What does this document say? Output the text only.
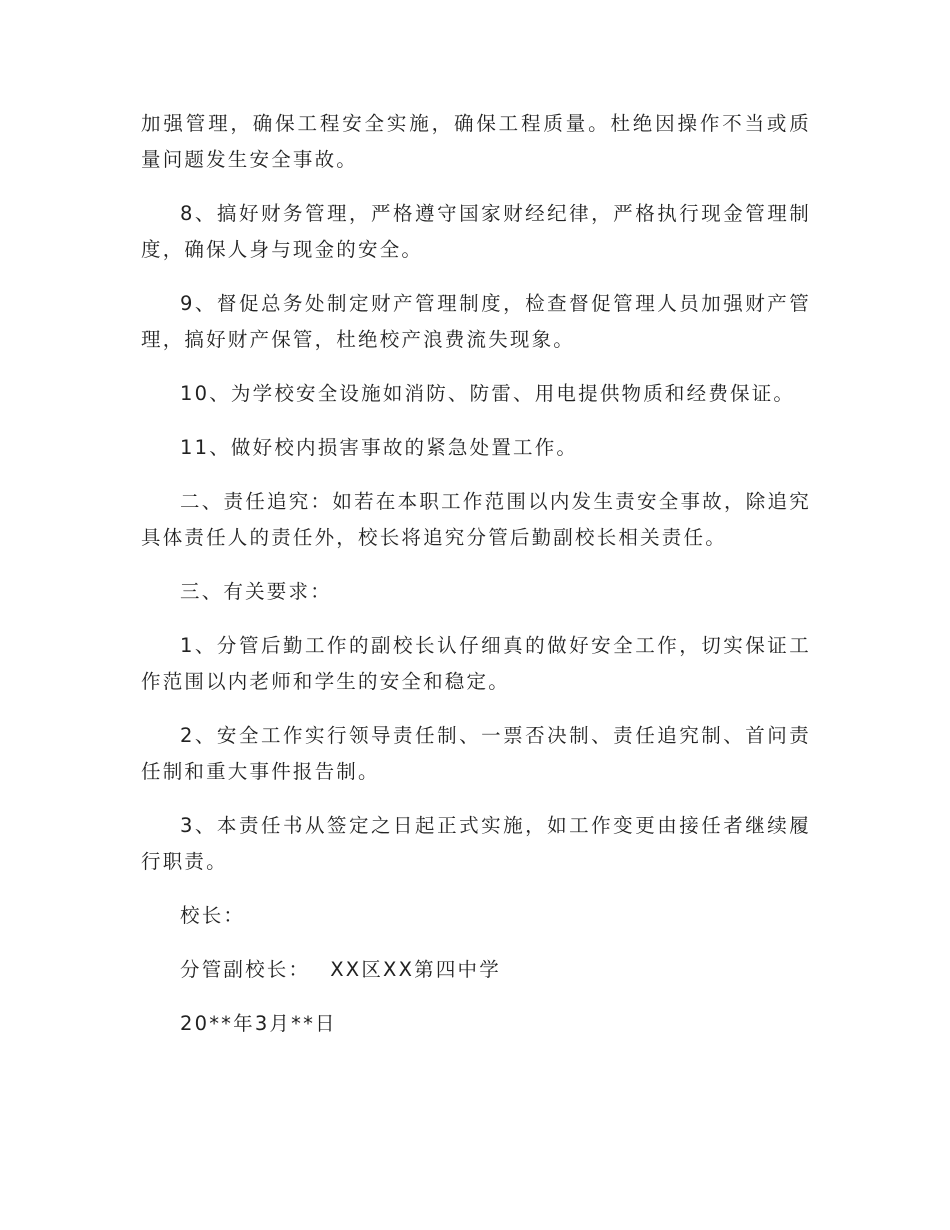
加强管理，确保工程安全实施，确保工程质量。杜绝因操作不当或质量问题发生安全事故。

8、搞好财务管理，严格遵守国家财经纪律，严格执行现金管理制度，确保人身与现金的安全。

9、督促总务处制定财产管理制度，检查督促管理人员加强财产管理，搞好财产保管，杜绝校产浪费流失现象。

10、为学校安全设施如消防、防雷、用电提供物质和经费保证。

11、做好校内损害事故的紧急处置工作。

二、责任追究：如若在本职工作范围以内发生责安全事故，除追究具体责任人的责任外，校长将追究分管后勤副校长相关责任。

三、有关要求：

1、分管后勤工作的副校长认仔细真的做好安全工作，切实保证工作范围以内老师和学生的安全和稳定。

2、安全工作实行领导责任制、一票否决制、责任追究制、首问责任制和重大事件报告制。

3、本责任书从签定之日起正式实施，如工作变更由接任者继续履行职责。

校长：
分管副校长： XX区XX第四中学
20**年3月**日
